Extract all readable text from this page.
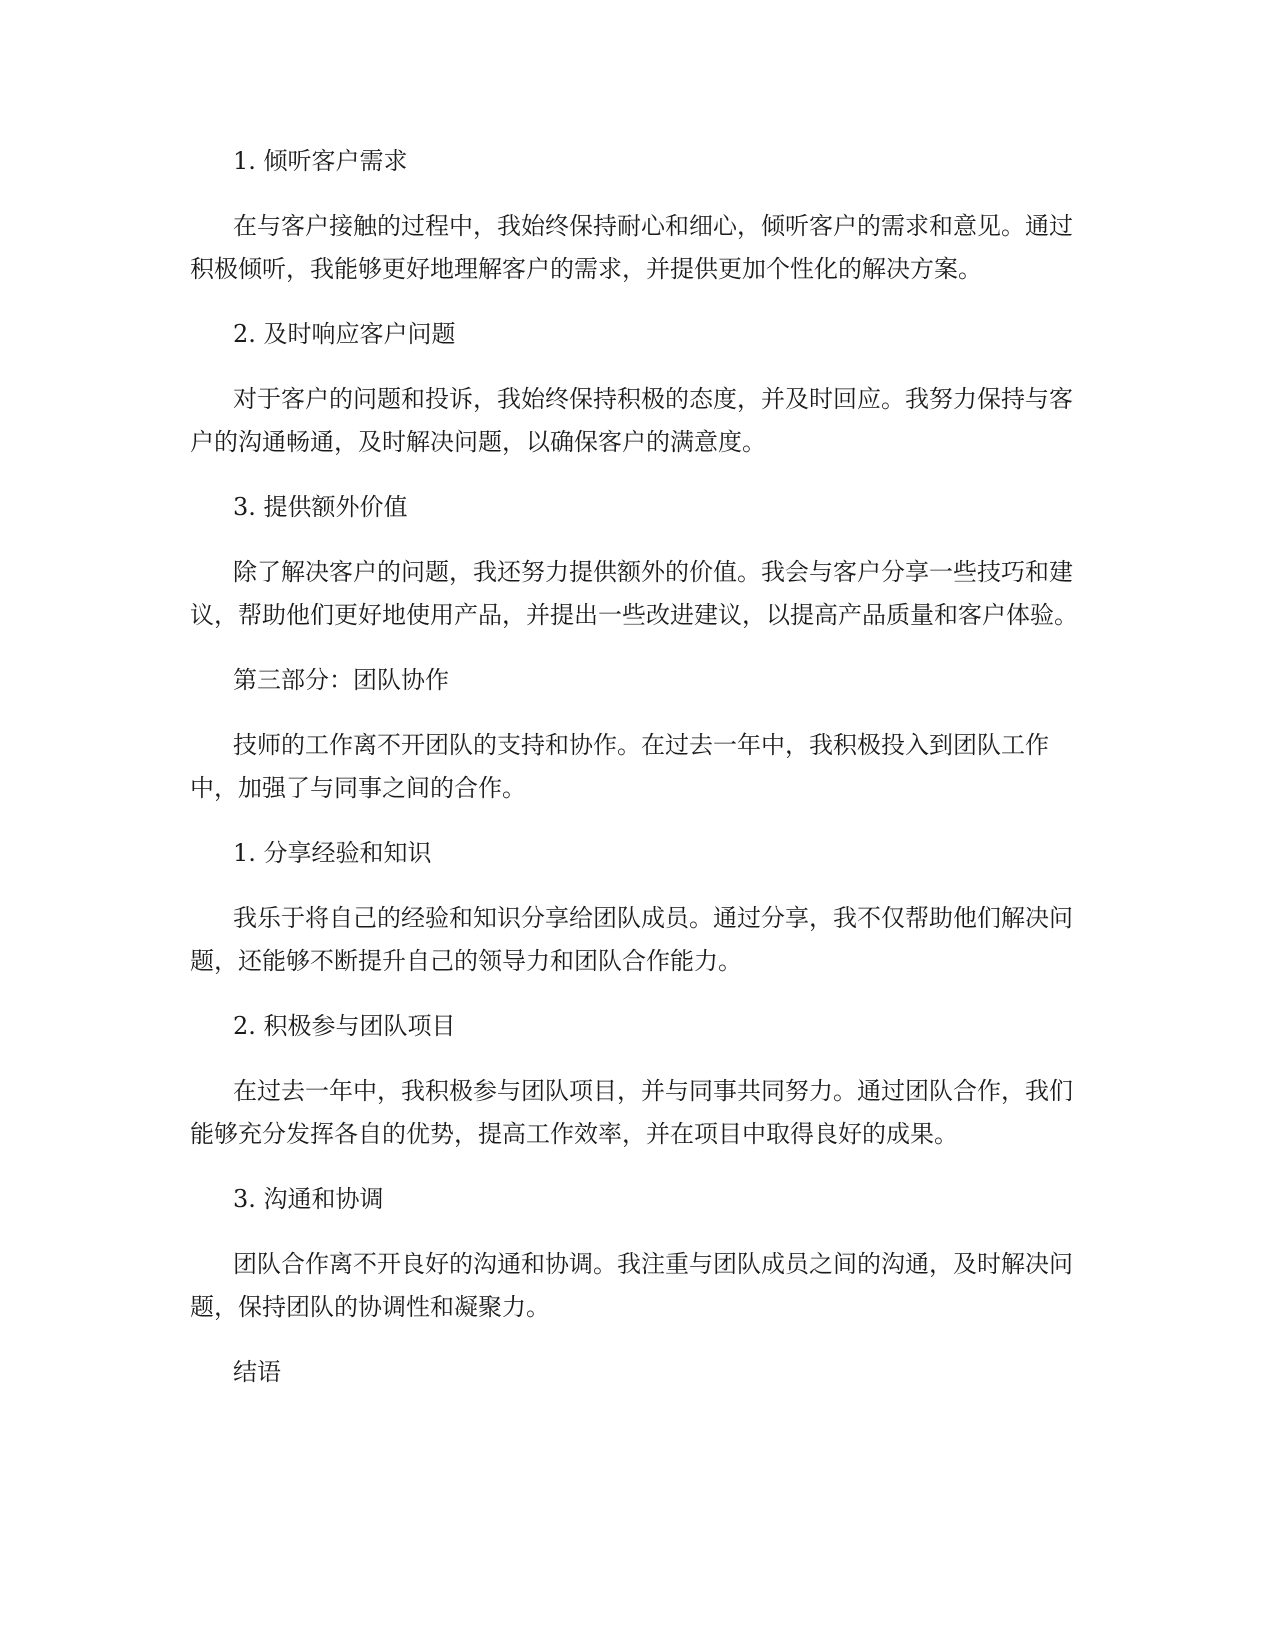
1. 倾听客户需求

在与客户接触的过程中，我始终保持耐心和细心，倾听客户的需求和意见。通过积极倾听，我能够更好地理解客户的需求，并提供更加个性化的解决方案。

2. 及时响应客户问题

对于客户的问题和投诉，我始终保持积极的态度，并及时回应。我努力保持与客户的沟通畅通，及时解决问题，以确保客户的满意度。

3. 提供额外价值

除了解决客户的问题，我还努力提供额外的价值。我会与客户分享一些技巧和建议，帮助他们更好地使用产品，并提出一些改进建议，以提高产品质量和客户体验。

第三部分：团队协作

技师的工作离不开团队的支持和协作。在过去一年中，我积极投入到团队工作中，加强了与同事之间的合作。

1. 分享经验和知识

我乐于将自己的经验和知识分享给团队成员。通过分享，我不仅帮助他们解决问题，还能够不断提升自己的领导力和团队合作能力。

2. 积极参与团队项目

在过去一年中，我积极参与团队项目，并与同事共同努力。通过团队合作，我们能够充分发挥各自的优势，提高工作效率，并在项目中取得良好的成果。

3. 沟通和协调

团队合作离不开良好的沟通和协调。我注重与团队成员之间的沟通，及时解决问题，保持团队的协调性和凝聚力。

结语
